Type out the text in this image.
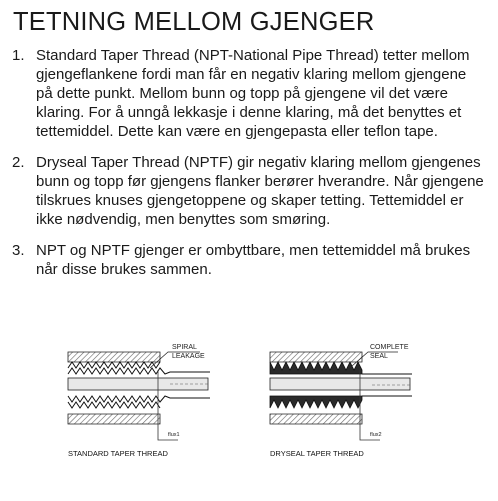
TETNING MELLOM GJENGER
1. Standard Taper Thread (NPT-National Pipe Thread) tetter mellom gjengeflankene fordi man får en negativ klaring mellom gjengene på dette punkt. Mellom bunn og topp på gjengene vil det være klaring. For å unngå lekkasje i denne klaring, må det benyttes et tettemiddel. Dette kan være en gjengepasta eller teflon tape.
2. Dryseal Taper Thread (NPTF) gir negativ klaring mellom gjengenes bunn og topp før gjengens flanker berører hverandre. Når gjengene tilskrues knuses gjengetoppene og skaper tetting. Tettemiddel er ikke nødvendig, men benyttes som smøring.
3. NPT og NPTF gjenger er ombyttbare, men tettemiddel må brukes når disse brukes sammen.
SPIRAL
LEAKAGE
flux1
STANDARD TAPER THREAD
COMPLETE
SEAL
flux2
DRYSEAL TAPER THREAD
